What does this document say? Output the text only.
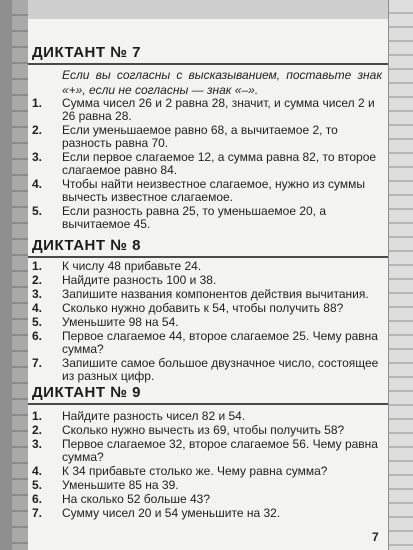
ДИКТАНТ № 7
Если вы согласны с высказыванием, поставьте знак «+», если не согласны — знак «–».
1.	Сумма чисел 26 и 2 равна 28, значит, и сумма чисел 2 и 26 равна 28.
2.	Если уменьшаемое равно 68, а вычитаемое 2, то разность равна 70.
3.	Если первое слагаемое 12, а сумма равна 82, то второе слагаемое равно 84.
4.	Чтобы найти неизвестное слагаемое, нужно из суммы вычесть известное слагаемое.
5.	Если разность равна 25, то уменьшаемое 20, а вычитаемое 45.
ДИКТАНТ № 8
1.	К числу 48 прибавьте 24.
2.	Найдите разность 100 и 38.
3.	Запишите названия компонентов действия вычитания.
4.	Сколько нужно добавить к 54, чтобы получить 88?
5.	Уменьшите 98 на 54.
6.	Первое слагаемое 44, второе слагаемое 25. Чему равна сумма?
7.	Запишите самое большое двузначное число, состоящее из разных цифр.
ДИКТАНТ № 9
1.	Найдите разность чисел 82 и 54.
2.	Сколько нужно вычесть из 69, чтобы получить 58?
3.	Первое слагаемое 32, второе слагаемое 56. Чему равна сумма?
4.	К 34 прибавьте столько же. Чему равна сумма?
5.	Уменьшите 85 на 39.
6.	На сколько 52 больше 43?
7.	Сумму чисел 20 и 54 уменьшите на 32.
7
